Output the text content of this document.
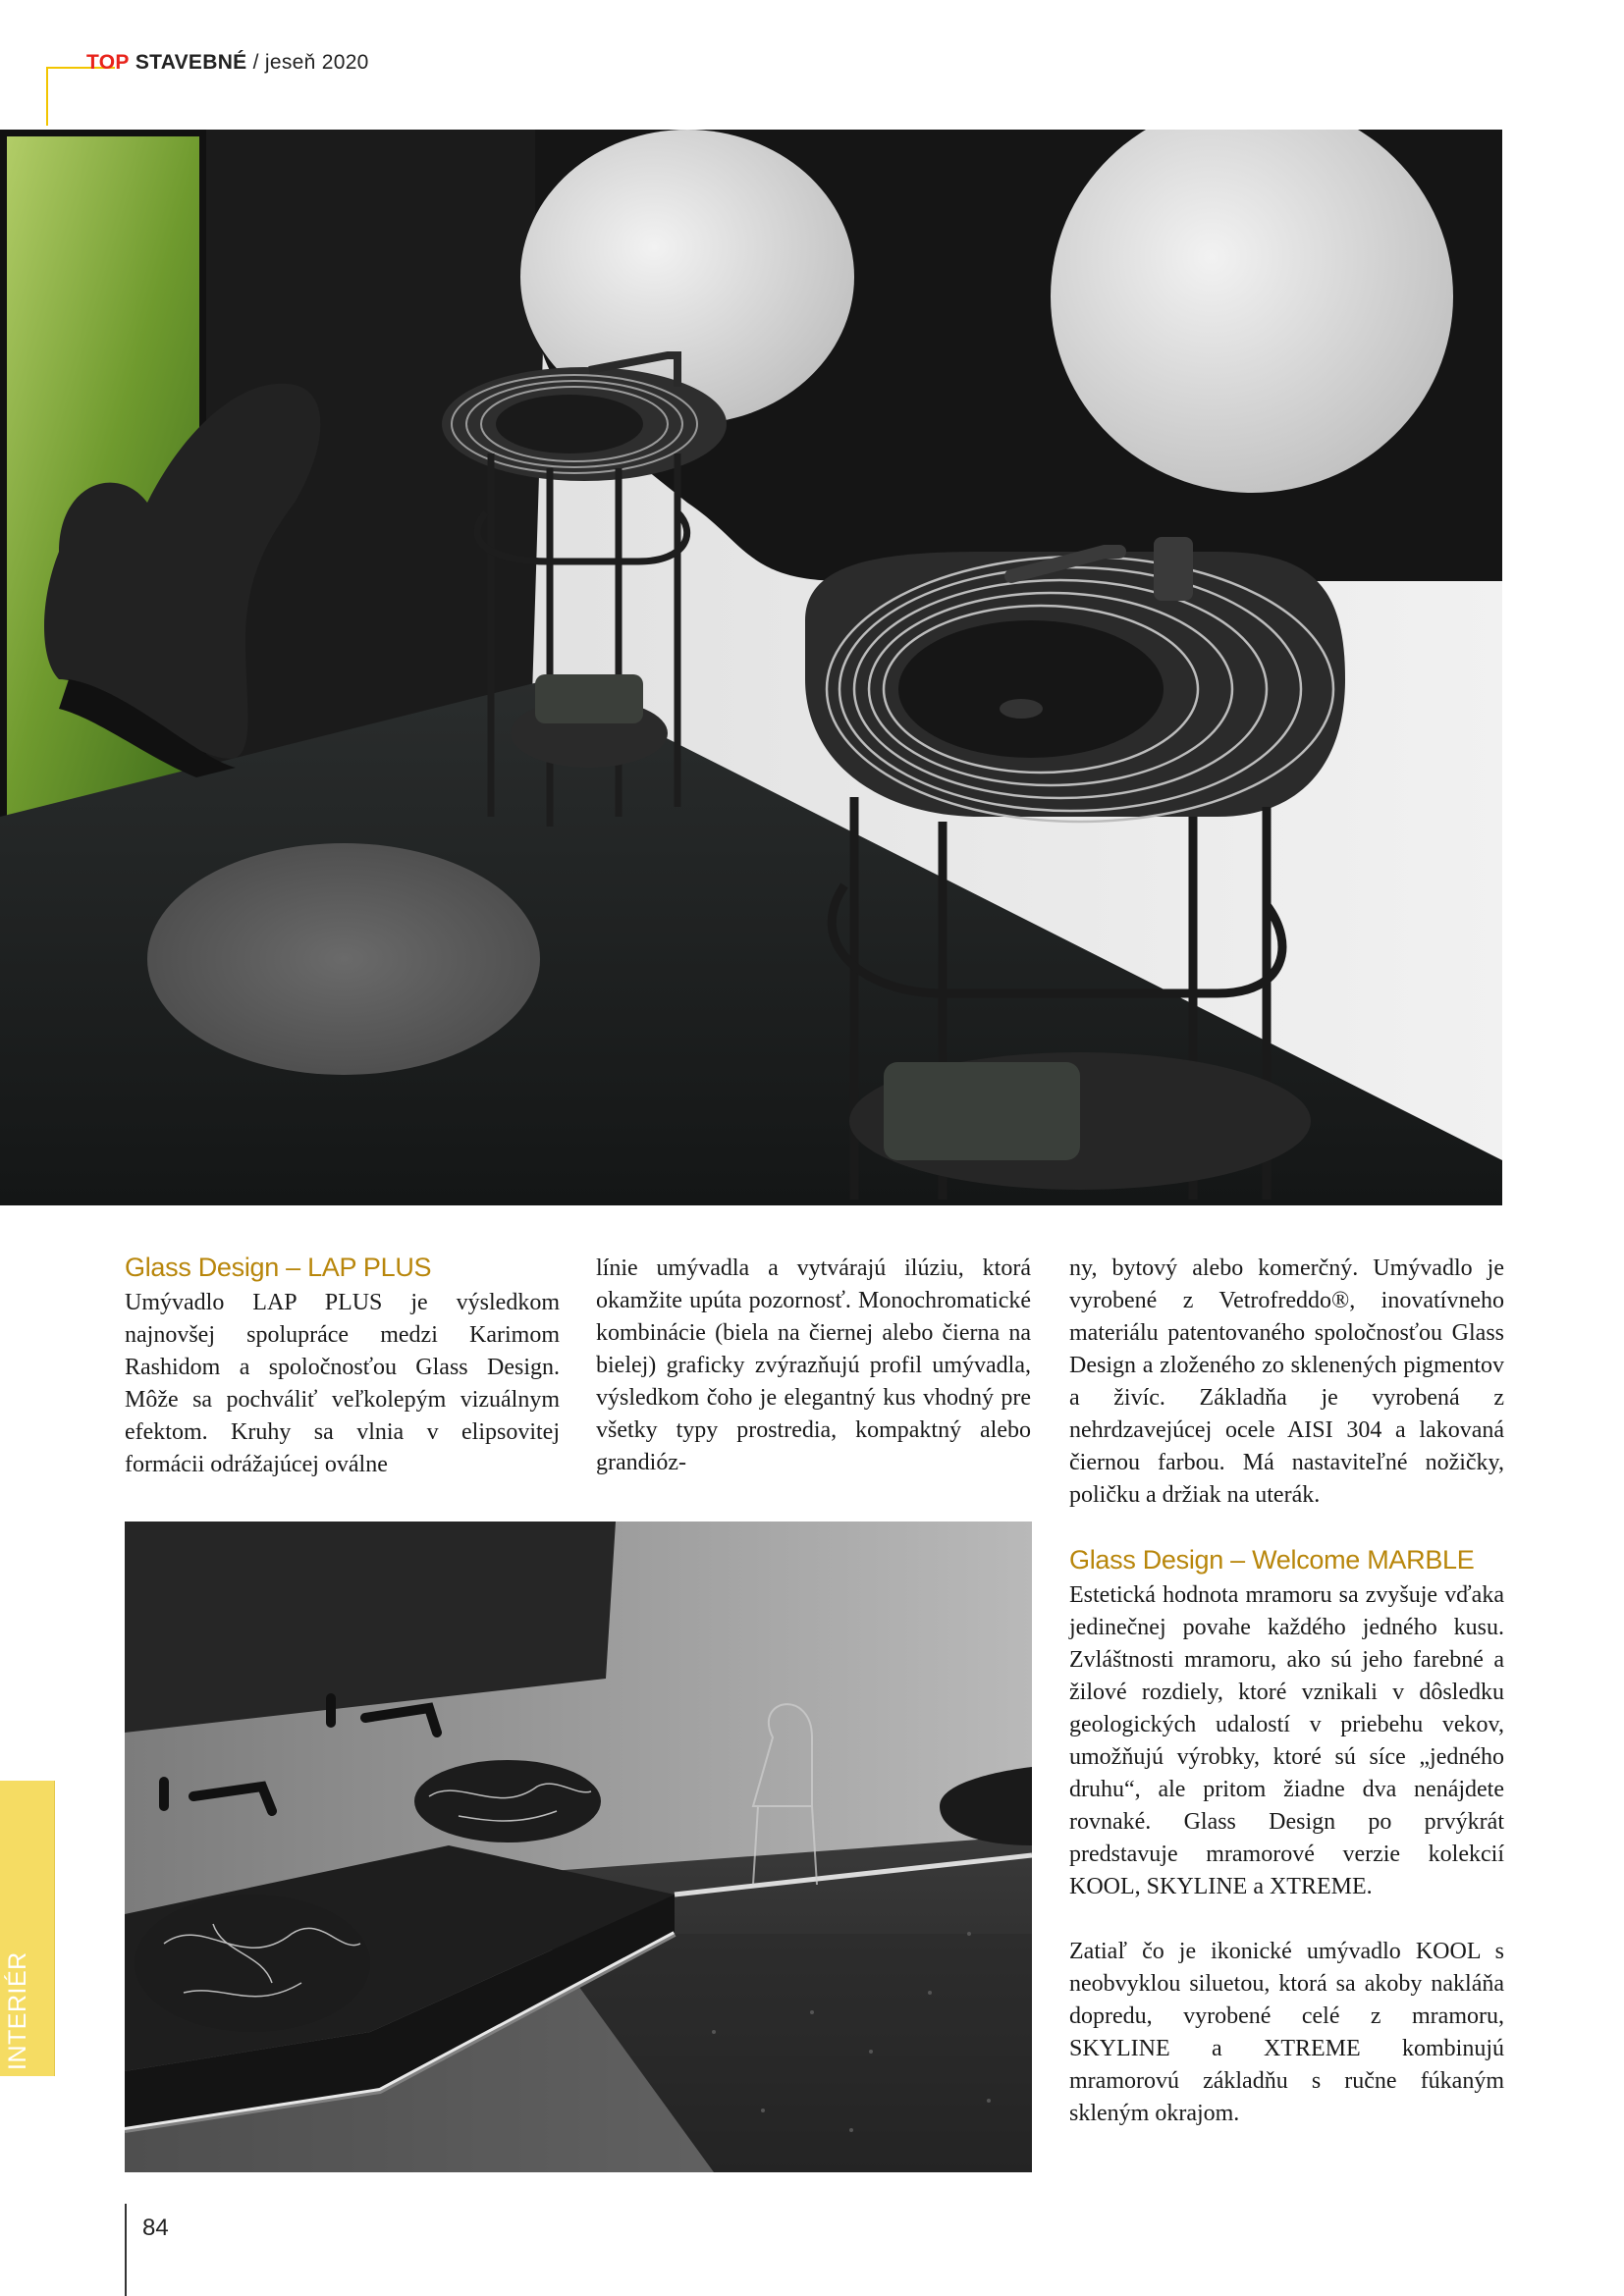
TOP STAVEBNÉ / jeseň 2020
Glass Design – LAP PLUS

Umývadlo LAP PLUS je výsledkom najnovšej spolupráce medzi Karimom Rashidom a spoločnosťou Glass Design. Môže sa pochváliť veľkolepým vizuálnym efektom. Kruhy sa vlnia v elipsovitej formácii odrážajúcej oválne

línie umývadla a vytvárajú ilúziu, ktorá okamžite upúta pozornosť. Monochromatické kombinácie (biela na čiernej alebo čierna na bielej) graficky zvýrazňujú profil umývadla, výsledkom čoho je elegantný kus vhodný pre všetky typy prostredia, kompaktný alebo grandióz-

ny, bytový alebo komerčný. Umývadlo je vyrobené z Vetrofreddo®, inovatívneho materiálu patentovaného spoločnosťou Glass Design a zloženého zo sklenených pigmentov a živíc. Základňa je vyrobená z nehrdzavejúcej ocele AISI 304 a lakovaná čiernou farbou. Má nastaviteľné nožičky, poličku a držiak na uterák.

Glass Design – Welcome MARBLE

Estetická hodnota mramoru sa zvyšuje vďaka jedinečnej povahe každého jedného kusu. Zvláštnosti mramoru, ako sú jeho farebné a žilové rozdiely, ktoré vznikali v dôsledku geologických udalostí v priebehu vekov, umožňujú výrobky, ktoré sú síce „jedného druhu“, ale pritom žiadne dva nenájdete rovnaké. Glass Design po prvýkrát predstavuje mramorové verzie kolekcií KOOL, SKYLINE a XTREME.

Zatiaľ čo je ikonické umývadlo KOOL s neobvyklou siluetou, ktorá sa akoby nakláňa dopredu, vyrobené celé z mramoru, SKYLINE a XTREME kombinujú mramorovú základňu s ručne fúkaným skleným okrajom.

INTERIÉR
84
